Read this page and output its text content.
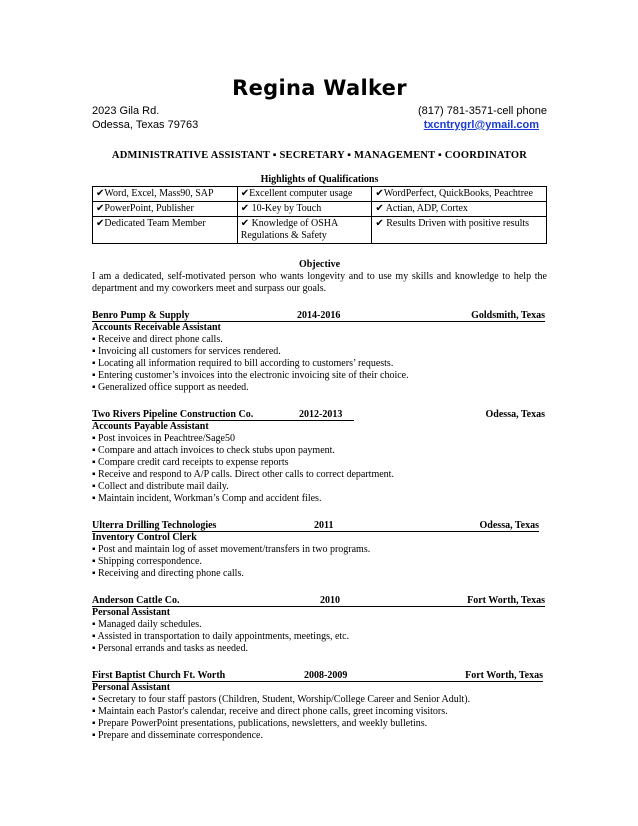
Regina Walker
2023 Gila Rd.	(817) 781-3571-cell phone
Odessa, Texas 79763	txcntrygrl@ymail.com
ADMINISTRATIVE ASSISTANT ▪ SECRETARY ▪ MANAGEMENT ▪ COORDINATOR
Highlights of Qualifications
✔Word, Excel, Mass90, SAP	✔Excellent computer usage	✔WordPerfect, QuickBooks, Peachtree
✔PowerPoint, Publisher	✔ 10-Key by Touch	✔ Actian, ADP, Cortex
✔Dedicated Team Member	✔ Knowledge of OSHA Regulations & Safety	✔ Results Driven with positive results
Objective
I am a dedicated, self-motivated person who wants longevity and to use my skills and knowledge to help the department and my coworkers meet and surpass our goals.
Benro Pump & Supply	2014-2016	Goldsmith, Texas
Accounts Receivable Assistant
▪ Receive and direct phone calls.
▪ Invoicing all customers for services rendered.
▪ Locating all information required to bill according to customers’ requests.
▪ Entering customer’s invoices into the electronic invoicing site of their choice.
▪ Generalized office support as needed.
Two Rivers Pipeline Construction Co.	2012-2013	Odessa, Texas
Accounts Payable Assistant
▪ Post invoices in Peachtree/Sage50
▪ Compare and attach invoices to check stubs upon payment.
▪ Compare credit card receipts to expense reports
▪ Receive and respond to A/P calls. Direct other calls to correct department.
▪ Collect and distribute mail daily.
▪ Maintain incident, Workman’s Comp and accident files.
Ulterra Drilling Technologies	2011	Odessa, Texas
Inventory Control Clerk
▪ Post and maintain log of asset movement/transfers in two programs.
▪ Shipping correspondence.
▪ Receiving and directing phone calls.
Anderson Cattle Co.	2010	Fort Worth, Texas
Personal Assistant
▪ Managed daily schedules.
▪ Assisted in transportation to daily appointments, meetings, etc.
▪ Personal errands and tasks as needed.
First Baptist Church Ft. Worth	2008-2009	Fort Worth, Texas
Personal Assistant
▪ Secretary to four staff pastors (Children, Student, Worship/College Career and Senior Adult).
▪ Maintain each Pastor's calendar, receive and direct phone calls, greet incoming visitors.
▪ Prepare PowerPoint presentations, publications, newsletters, and weekly bulletins.
▪ Prepare and disseminate correspondence.
